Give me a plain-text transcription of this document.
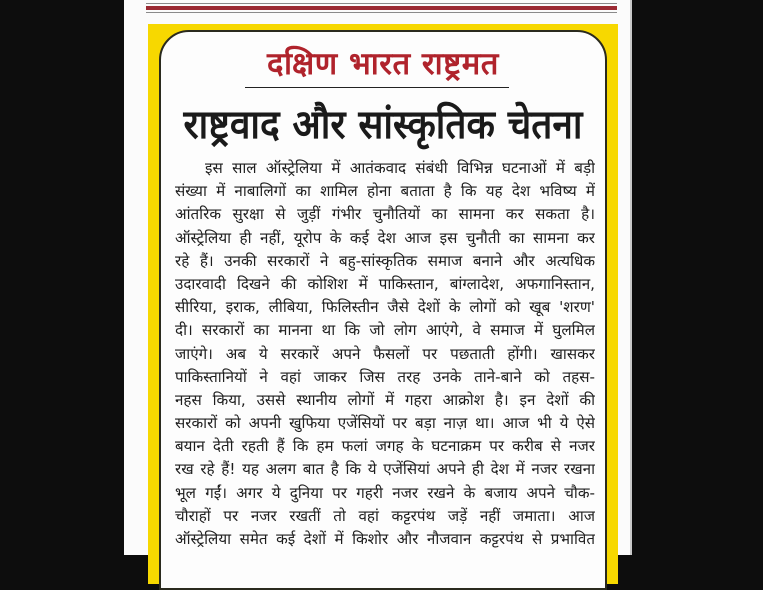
दक्षिण भारत राष्ट्रमत
राष्ट्रवाद और सांस्कृतिक चेतना
इस साल ऑस्ट्रेलिया में आतंकवाद संबंधी विभिन्न घटनाओं में बड़ी
संख्या में नाबालिगों का शामिल होना बताता है कि यह देश भविष्य में
आंतरिक सुरक्षा से जुड़ीं गंभीर चुनौतियों का सामना कर सकता है।
ऑस्ट्रेलिया ही नहीं, यूरोप के कई देश आज इस चुनौती का सामना कर
रहे हैं। उनकी सरकारों ने बहु-सांस्कृतिक समाज बनाने और अत्यधिक
उदारवादी दिखने की कोशिश में पाकिस्तान, बांग्लादेश, अफगानिस्तान,
सीरिया, इराक, लीबिया, फिलिस्तीन जैसे देशों के लोगों को खूब 'शरण'
दी। सरकारों का मानना था कि जो लोग आएंगे, वे समाज में घुलमिल
जाएंगे। अब ये सरकारें अपने फैसलों पर पछताती होंगी। खासकर
पाकिस्तानियों ने वहां जाकर जिस तरह उनके ताने-बाने को तहस-
नहस किया, उससे स्थानीय लोगों में गहरा आक्रोश है। इन देशों की
सरकारों को अपनी खुफिया एजेंसियों पर बड़ा नाज़ था। आज भी ये ऐसे
बयान देती रहती हैं कि हम फलां जगह के घटनाक्रम पर करीब से नजर
रख रहे हैं! यह अलग बात है कि ये एजेंसियां अपने ही देश में नजर रखना
भूल गईं। अगर ये दुनिया पर गहरी नजर रखने के बजाय अपने चौक-
चौराहों पर नजर रखतीं तो वहां कट्टरपंथ जड़ें नहीं जमाता। आज
ऑस्ट्रेलिया समेत कई देशों में किशोर और नौजवान कट्टरपंथ से प्रभावित
